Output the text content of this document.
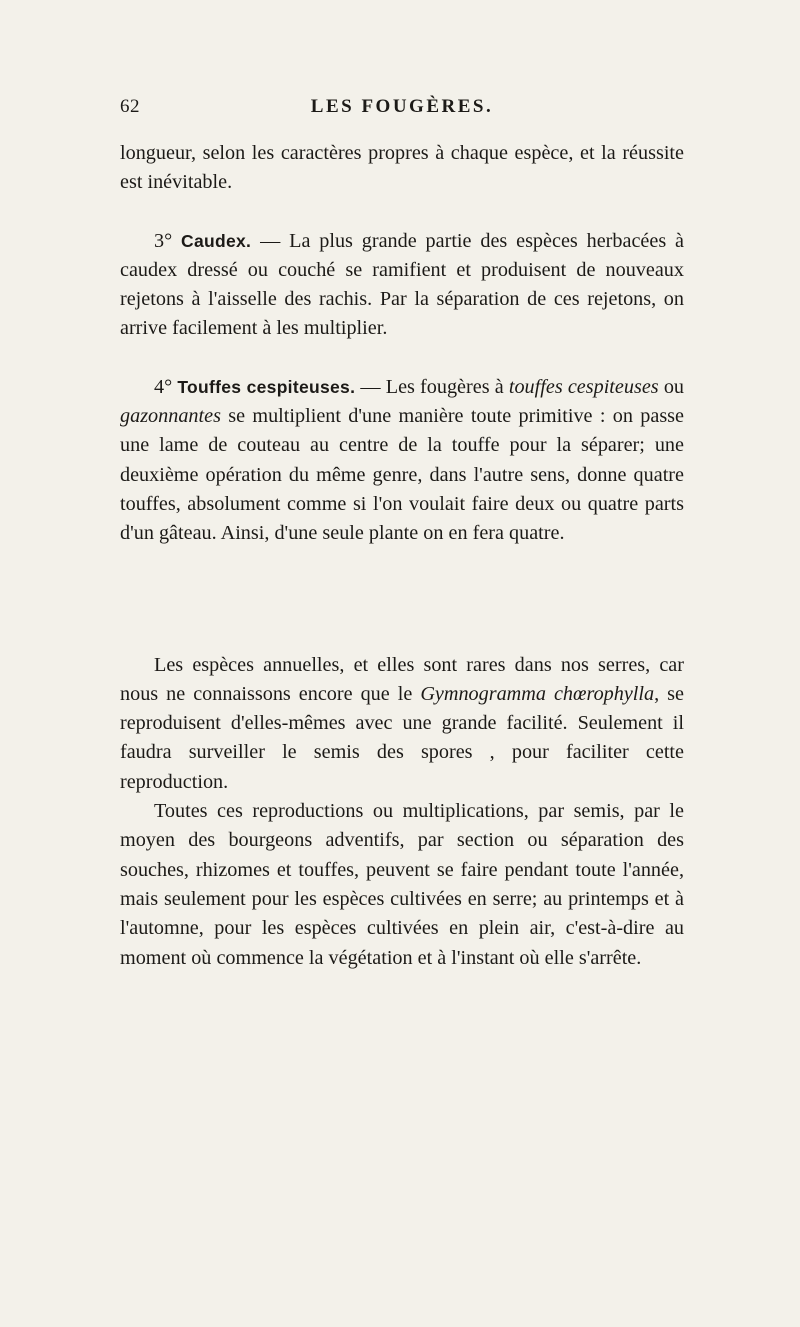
62	LES FOUGÈRES.

longueur, selon les caractères propres à chaque espèce, et la réussite est inévitable.

3° Caudex. — La plus grande partie des espèces herbacées à caudex dressé ou couché se ramifient et produisent de nouveaux rejetons à l'aisselle des rachis. Par la séparation de ces rejetons, on arrive facilement à les multiplier.

4° Touffes cespiteuses. — Les fougères à touffes cespiteuses ou gazonnantes se multiplient d'une manière toute primitive : on passe une lame de couteau au centre de la touffe pour la séparer; une deuxième opération du même genre, dans l'autre sens, donne quatre touffes, absolument comme si l'on voulait faire deux ou quatre parts d'un gâteau. Ainsi, d'une seule plante on en fera quatre.

Les espèces annuelles, et elles sont rares dans nos serres, car nous ne connaissons encore que le Gymnogramma chœrophylla, se reproduisent d'elles-mêmes avec une grande facilité. Seulement il faudra surveiller le semis des spores , pour faciliter cette reproduction.

Toutes ces reproductions ou multiplications, par semis, par le moyen des bourgeons adventifs, par section ou séparation des souches, rhizomes et touffes, peuvent se faire pendant toute l'année, mais seulement pour les espèces cultivées en serre; au printemps et à l'automne, pour les espèces cultivées en plein air, c'est-à-dire au moment où commence la végétation et à l'instant où elle s'arrête.
